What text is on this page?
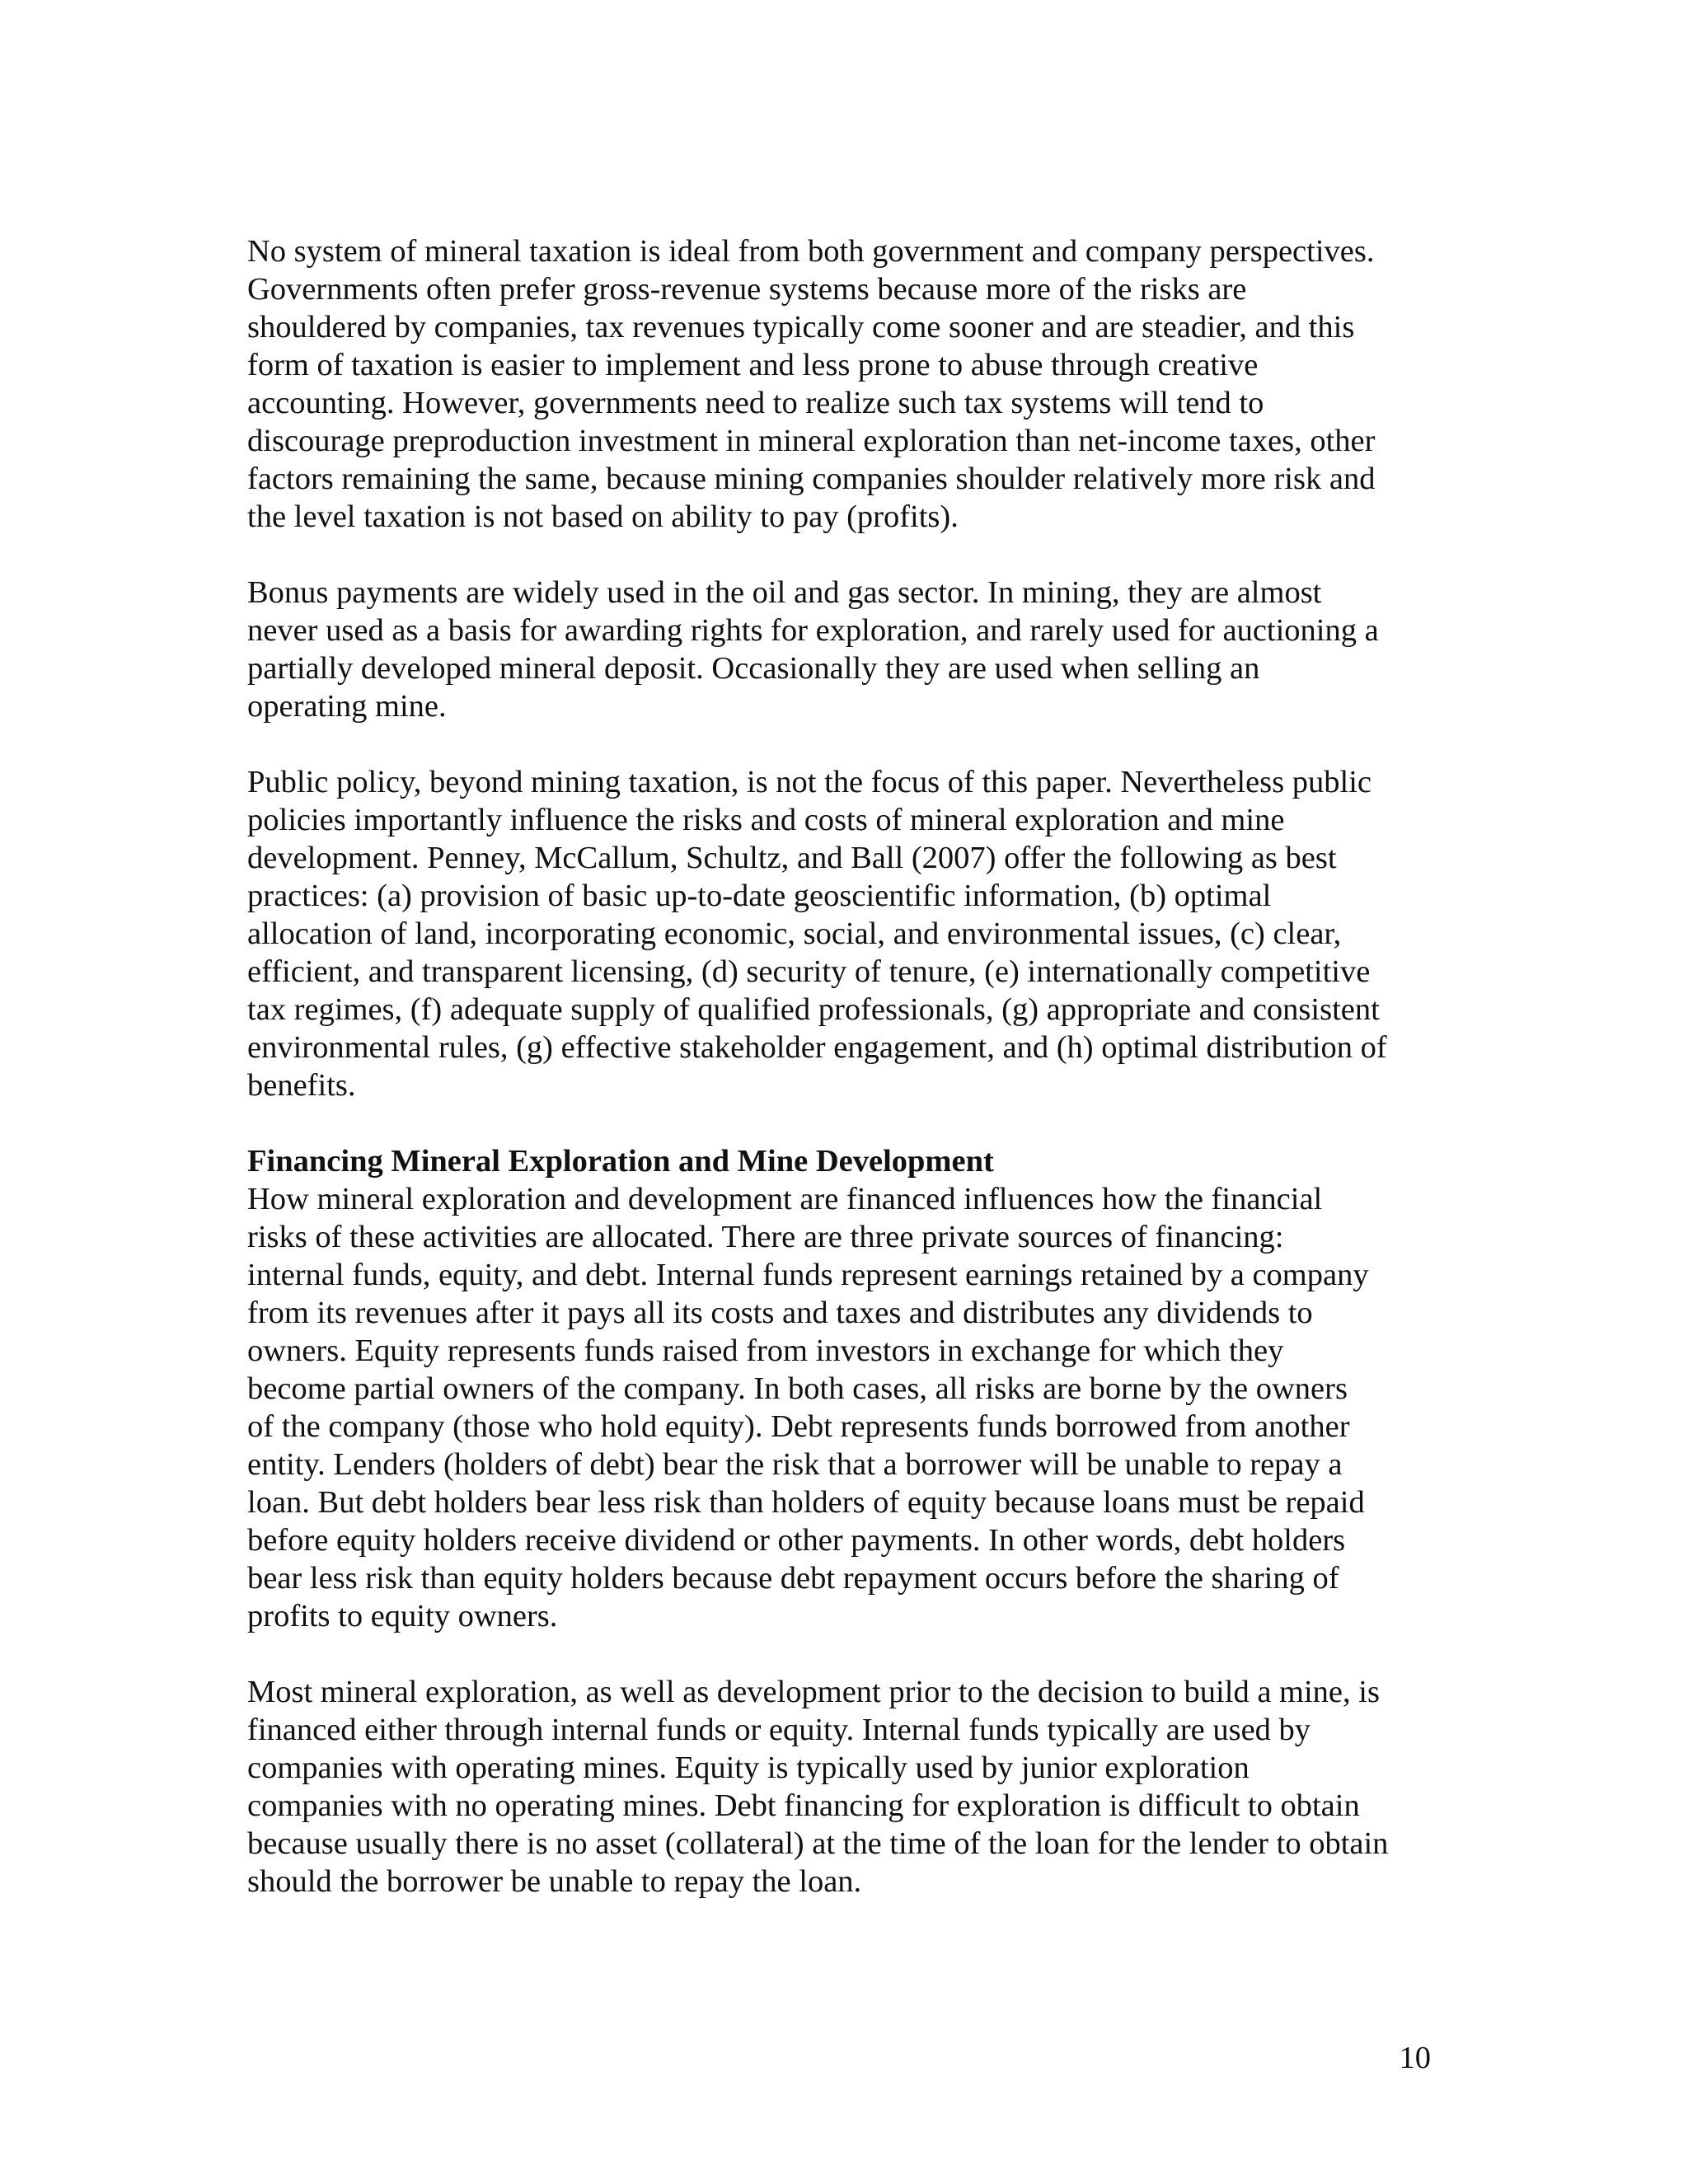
No system of mineral taxation is ideal from both government and company perspectives.
Governments often prefer gross-revenue systems because more of the risks are
shouldered by companies, tax revenues typically come sooner and are steadier, and this
form of taxation is easier to implement and less prone to abuse through creative
accounting. However, governments need to realize such tax systems will tend to
discourage preproduction investment in mineral exploration than net-income taxes, other
factors remaining the same, because mining companies shoulder relatively more risk and
the level taxation is not based on ability to pay (profits).

Bonus payments are widely used in the oil and gas sector. In mining, they are almost
never used as a basis for awarding rights for exploration, and rarely used for auctioning a
partially developed mineral deposit. Occasionally they are used when selling an
operating mine.

Public policy, beyond mining taxation, is not the focus of this paper. Nevertheless public
policies importantly influence the risks and costs of mineral exploration and mine
development. Penney, McCallum, Schultz, and Ball (2007) offer the following as best
practices: (a) provision of basic up-to-date geoscientific information, (b) optimal
allocation of land, incorporating economic, social, and environmental issues, (c) clear,
efficient, and transparent licensing, (d) security of tenure, (e) internationally competitive
tax regimes, (f) adequate supply of qualified professionals, (g) appropriate and consistent
environmental rules, (g) effective stakeholder engagement, and (h) optimal distribution of
benefits.

Financing Mineral Exploration and Mine Development

How mineral exploration and development are financed influences how the financial
risks of these activities are allocated. There are three private sources of financing:
internal funds, equity, and debt. Internal funds represent earnings retained by a company
from its revenues after it pays all its costs and taxes and distributes any dividends to
owners. Equity represents funds raised from investors in exchange for which they
become partial owners of the company. In both cases, all risks are borne by the owners
of the company (those who hold equity). Debt represents funds borrowed from another
entity. Lenders (holders of debt) bear the risk that a borrower will be unable to repay a
loan. But debt holders bear less risk than holders of equity because loans must be repaid
before equity holders receive dividend or other payments. In other words, debt holders
bear less risk than equity holders because debt repayment occurs before the sharing of
profits to equity owners.

Most mineral exploration, as well as development prior to the decision to build a mine, is
financed either through internal funds or equity. Internal funds typically are used by
companies with operating mines. Equity is typically used by junior exploration
companies with no operating mines. Debt financing for exploration is difficult to obtain
because usually there is no asset (collateral) at the time of the loan for the lender to obtain
should the borrower be unable to repay the loan.

10
